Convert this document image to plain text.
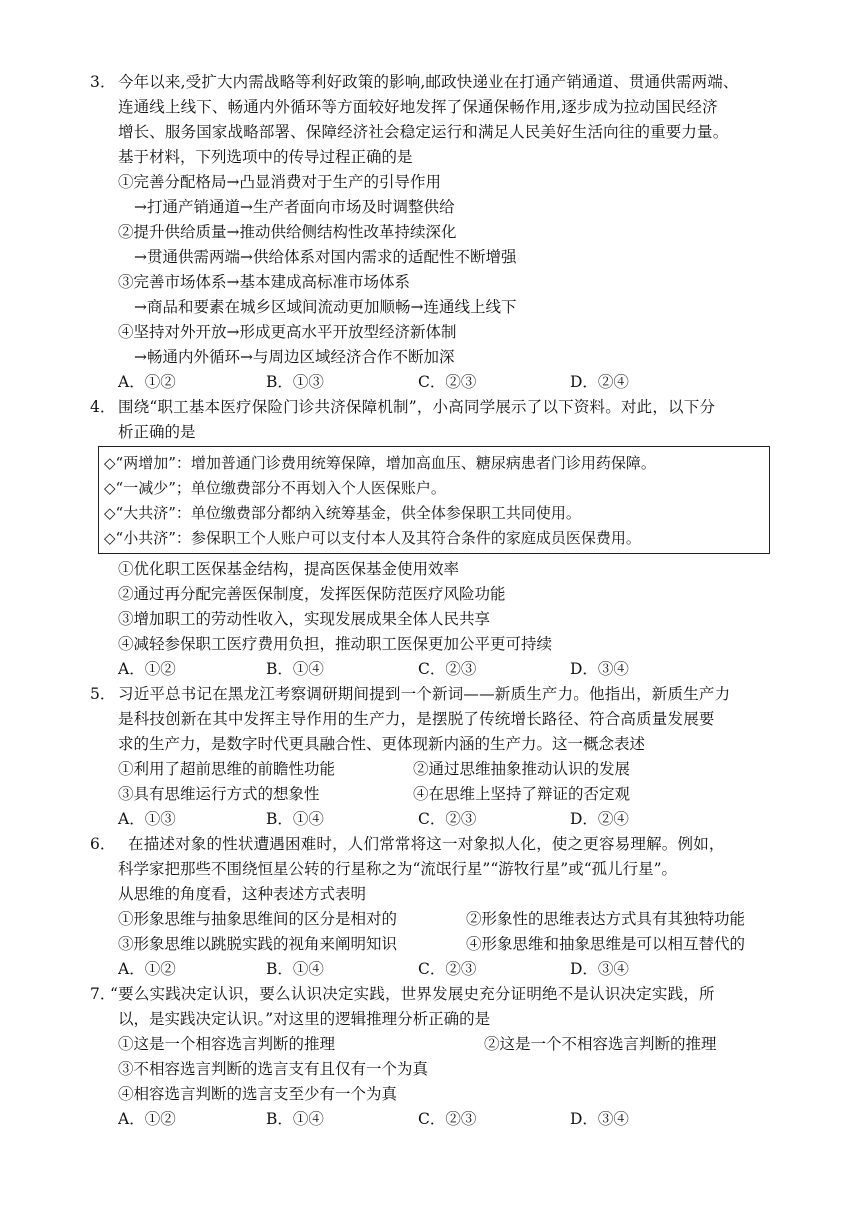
3． 今年以来,受扩大内需战略等利好政策的影响,邮政快递业在打通产销通道、贯通供需两端、
连通线上线下、畅通内外循环等方面较好地发挥了保通保畅作用,逐步成为拉动国民经济
增长、服务国家战略部署、保障经济社会稳定运行和满足人民美好生活向往的重要力量。
基于材料，下列选项中的传导过程正确的是
①完善分配格局→凸显消费对于生产的引导作用
→打通产销通道→生产者面向市场及时调整供给
②提升供给质量→推动供给侧结构性改革持续深化
→贯通供需两端→供给体系对国内需求的适配性不断增强
③完善市场体系→基本建成高标准市场体系
→商品和要素在城乡区域间流动更加顺畅→连通线上线下
④坚持对外开放→形成更高水平开放型经济新体制
→畅通内外循环→与周边区域经济合作不断加深
A．①②	B．①③	C．②③	D．②④
4． 围绕“职工基本医疗保险门诊共济保障机制”，小高同学展示了以下资料。对此，以下分
析正确的是
◇“两增加”：增加普通门诊费用统筹保障，增加高血压、糖尿病患者门诊用药保障。
◇“一减少”；单位缴费部分不再划入个人医保账户。
◇“大共济”：单位缴费部分都纳入统筹基金，供全体参保职工共同使用。
◇“小共济”：参保职工个人账户可以支付本人及其符合条件的家庭成员医保费用。
①优化职工医保基金结构，提高医保基金使用效率
②通过再分配完善医保制度，发挥医保防范医疗风险功能
③增加职工的劳动性收入，实现发展成果全体人民共享
④减轻参保职工医疗费用负担，推动职工医保更加公平更可持续
A．①②	B．①④	C．②③	D．③④
5． 习近平总书记在黑龙江考察调研期间提到一个新词——新质生产力。他指出，新质生产力
是科技创新在其中发挥主导作用的生产力，是摆脱了传统增长路径、符合高质量发展要
求的生产力，是数字时代更具融合性、更体现新内涵的生产力。这一概念表述
①利用了超前思维的前瞻性功能	②通过思维抽象推动认识的发展
③具有思维运行方式的想象性	④在思维上坚持了辩证的否定观
A．①③	B．①④	C．②③	D．②④
6． 在描述对象的性状遭遇困难时，人们常常将这一对象拟人化，使之更容易理解。例如，
科学家把那些不围绕恒星公转的行星称之为“流氓行星”“游牧行星”或“孤儿行星”。
从思维的角度看，这种表述方式表明
①形象思维与抽象思维间的区分是相对的	②形象性的思维表达方式具有其独特功能
③形象思维以跳脱实践的视角来阐明知识	④形象思维和抽象思维是可以相互替代的
A．①②	B．①④	C．②③	D．③④
7．
“要么实践决定认识，要么认识决定实践，世界发展史充分证明绝不是认识决定实践，所
以，是实践决定认识。”对这里的逻辑推理分析正确的是
①这是一个相容选言判断的推理	②这是一个不相容选言判断的推理
③不相容选言判断的选言支有且仅有一个为真
④相容选言判断的选言支至少有一个为真
A．①②	B．①④	C．②③	D．③④
